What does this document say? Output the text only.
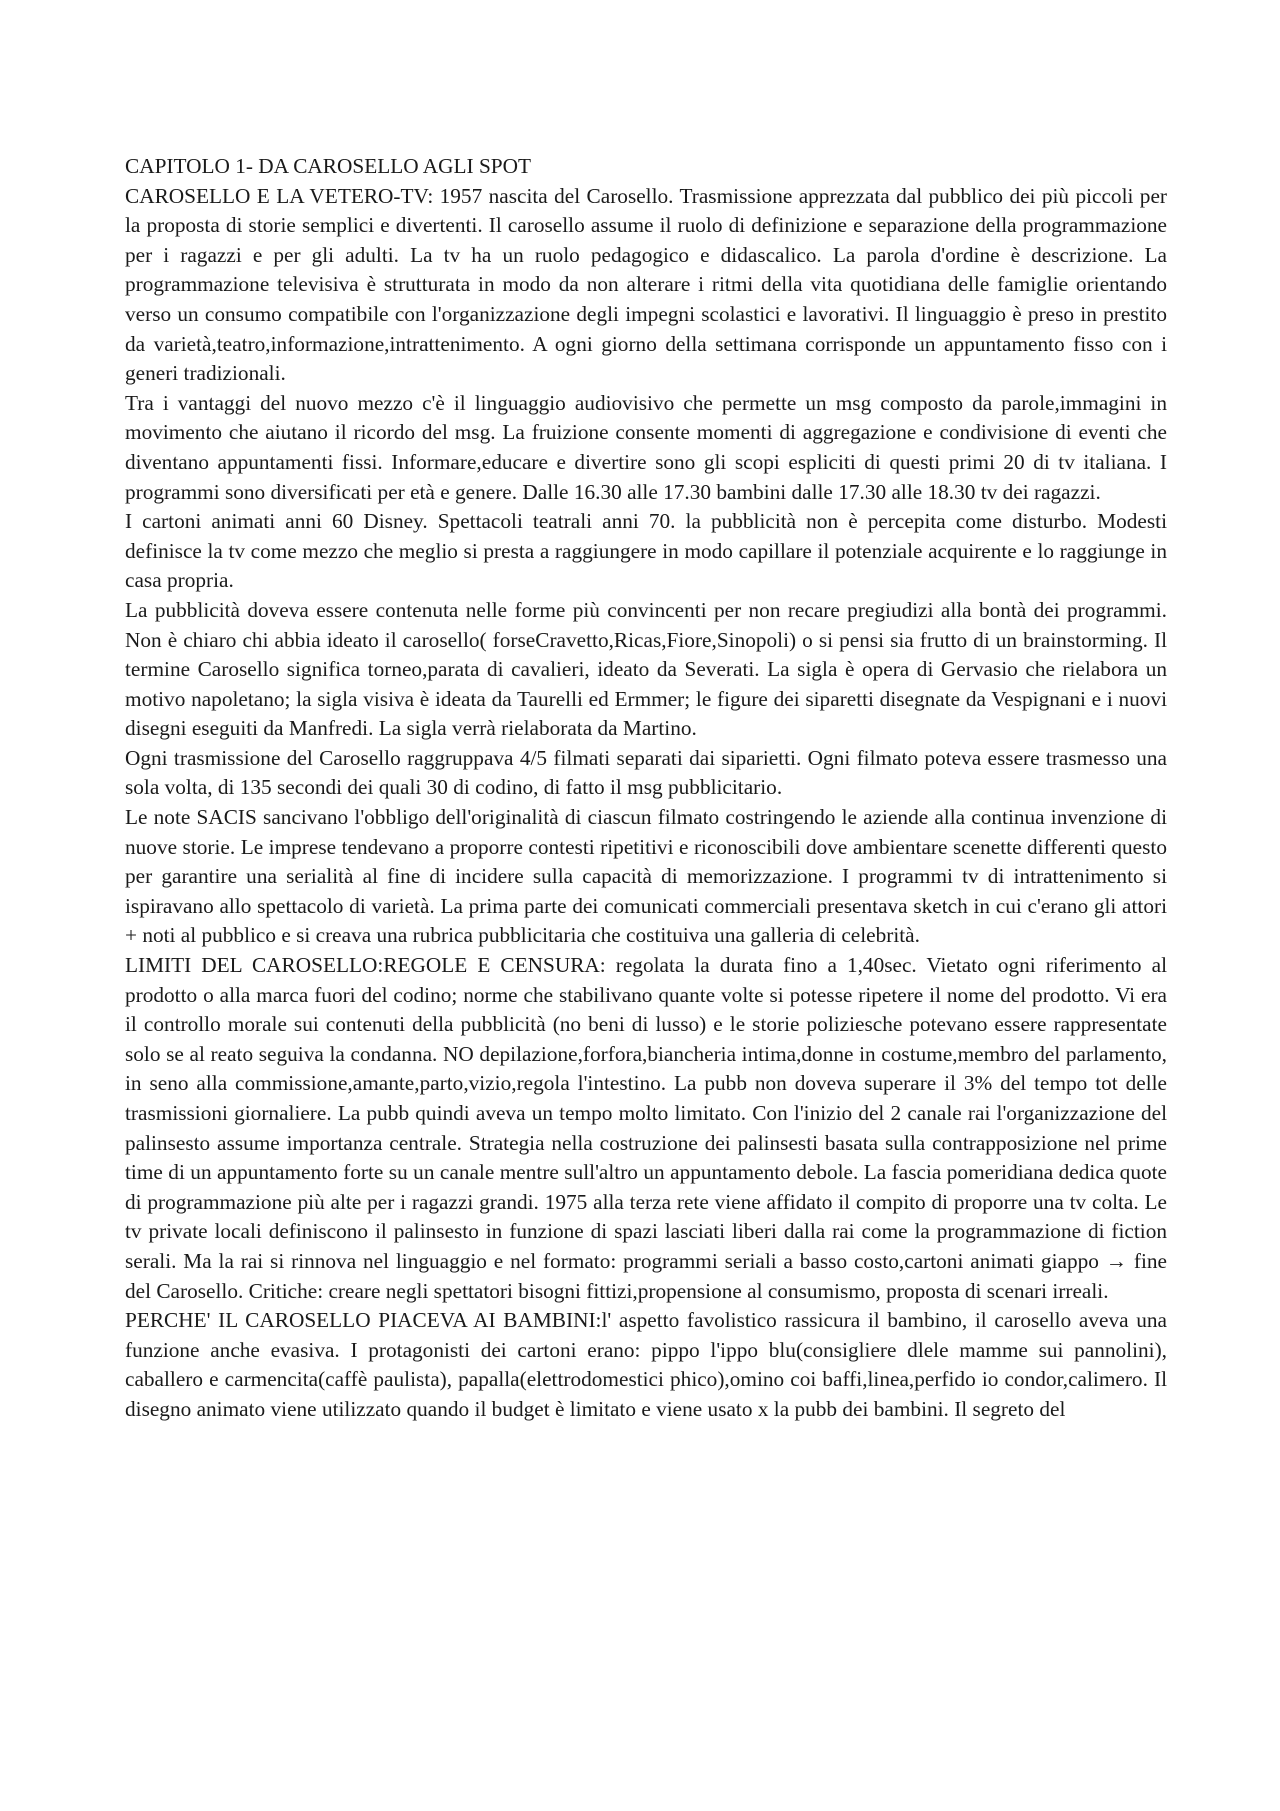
CAPITOLO 1- DA CAROSELLO AGLI SPOT

CAROSELLO E LA VETERO-TV: 1957 nascita del Carosello. Trasmissione apprezzata dal pubblico dei più piccoli per la proposta di storie semplici e divertenti. Il carosello assume il ruolo di definizione e separazione della programmazione per i ragazzi e per gli adulti. La tv ha un ruolo pedagogico e didascalico. La parola d'ordine è descrizione. La programmazione televisiva è strutturata in modo da non alterare i ritmi della vita quotidiana delle famiglie orientando verso un consumo compatibile con l'organizzazione degli impegni scolastici e lavorativi. Il linguaggio è preso in prestito da varietà,teatro,informazione,intrattenimento. A ogni giorno della settimana corrisponde un appuntamento fisso con i generi tradizionali.

Tra i vantaggi del nuovo mezzo c'è il linguaggio audiovisivo che permette un msg composto da parole,immagini in movimento che aiutano il ricordo del msg. La fruizione consente momenti di aggregazione e condivisione di eventi che diventano appuntamenti fissi. Informare,educare e divertire sono gli scopi espliciti di questi primi 20 di tv italiana. I programmi sono diversificati per età e genere. Dalle 16.30 alle 17.30 bambini dalle 17.30 alle 18.30 tv dei ragazzi.

I cartoni animati anni 60 Disney. Spettacoli teatrali anni 70. la pubblicità non è percepita come disturbo. Modesti definisce la tv come mezzo che meglio si presta a raggiungere in modo capillare il potenziale acquirente e lo raggiunge in casa propria.

La pubblicità doveva essere contenuta nelle forme più convincenti per non recare pregiudizi alla bontà dei programmi. Non è chiaro chi abbia ideato il carosello( forseCravetto,Ricas,Fiore,Sinopoli) o si pensi sia frutto di un brainstorming. Il termine Carosello significa torneo,parata di cavalieri, ideato da Severati. La sigla è opera di Gervasio che rielabora un motivo napoletano; la sigla visiva è ideata da Taurelli ed Ermmer; le figure dei siparetti disegnate da Vespignani e i nuovi disegni eseguiti da Manfredi. La sigla verrà rielaborata da Martino.

Ogni trasmissione del Carosello raggruppava 4/5 filmati separati dai siparietti. Ogni filmato poteva essere trasmesso una sola volta, di 135 secondi dei quali 30 di codino, di fatto il msg pubblicitario.

Le note SACIS sancivano l'obbligo dell'originalità di ciascun filmato costringendo le aziende alla continua invenzione di nuove storie. Le imprese tendevano a proporre contesti ripetitivi e riconoscibili dove ambientare scenette differenti questo per garantire una serialità al fine di incidere sulla capacità di memorizzazione. I programmi tv di intrattenimento si ispiravano allo spettacolo di varietà. La prima parte dei comunicati commerciali presentava sketch in cui c'erano gli attori + noti al pubblico e si creava una rubrica pubblicitaria che costituiva una galleria di celebrità.

LIMITI DEL CAROSELLO:REGOLE E CENSURA: regolata la durata fino a 1,40sec. Vietato ogni riferimento al prodotto o alla marca fuori del codino; norme che stabilivano quante volte si potesse ripetere il nome del prodotto. Vi era il controllo morale sui contenuti della pubblicità (no beni di lusso) e le storie poliziesche potevano essere rappresentate solo se al reato seguiva la condanna. NO depilazione,forfora,biancheria intima,donne in costume,membro del parlamento, in seno alla commissione,amante,parto,vizio,regola l'intestino. La pubb non doveva superare il 3% del tempo tot delle trasmissioni giornaliere. La pubb quindi aveva un tempo molto limitato. Con l'inizio del 2 canale rai l'organizzazione del palinsesto assume importanza centrale. Strategia nella costruzione dei palinsesti basata sulla contrapposizione nel prime time di un appuntamento forte su un canale mentre sull'altro un appuntamento debole. La fascia pomeridiana dedica quote di programmazione più alte per i ragazzi grandi. 1975 alla terza rete viene affidato il compito di proporre una tv colta. Le tv private locali definiscono il palinsesto in funzione di spazi lasciati liberi dalla rai come la programmazione di fiction serali. Ma la rai si rinnova nel linguaggio e nel formato: programmi seriali a basso costo,cartoni animati giappo → fine del Carosello. Critiche: creare negli spettatori bisogni fittizi,propensione al consumismo, proposta di scenari irreali.

PERCHE' IL CAROSELLO PIACEVA AI BAMBINI:l' aspetto favolistico rassicura il bambino, il carosello aveva una funzione anche evasiva. I protagonisti dei cartoni erano: pippo l'ippo blu(consigliere dlele mamme sui pannolini), caballero e carmencita(caffè paulista), papalla(elettrodomestici phico),omino coi baffi,linea,perfido io condor,calimero. Il disegno animato viene utilizzato quando il budget è limitato e viene usato x la pubb dei bambini. Il segreto del
